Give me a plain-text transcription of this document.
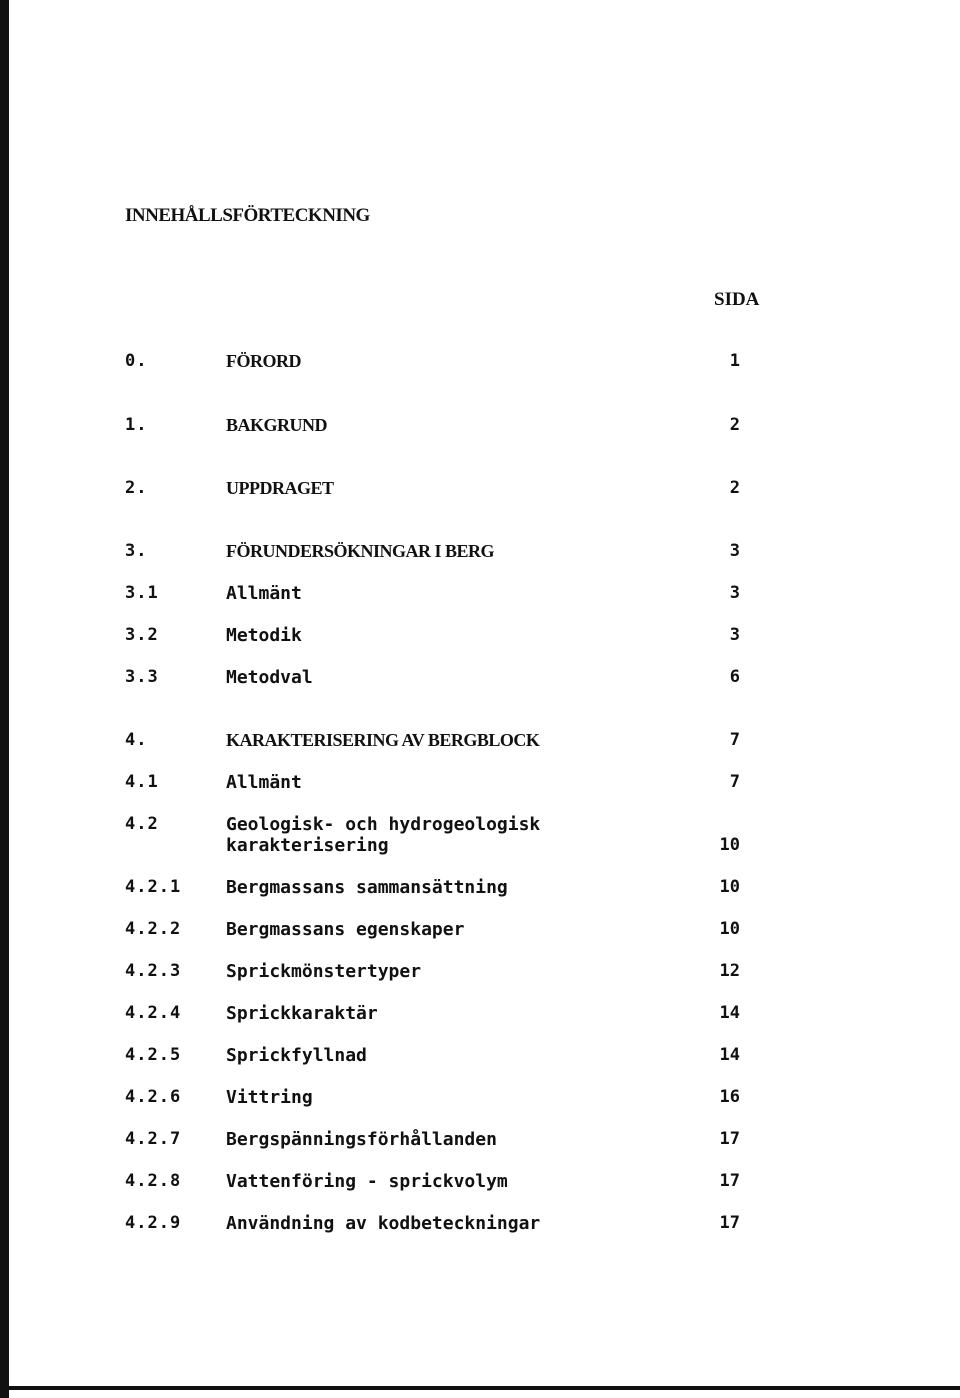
INNEHÅLLSFÖRTECKNING
SIDA
0.	FÖRORD	1
1.	BAKGRUND	2
2.	UPPDRAGET	2
3.	FÖRUNDERSÖKNINGAR I BERG	3
3.1	Allmänt	3
3.2	Metodik	3
3.3	Metodval	6
4.	KARAKTERISERING AV BERGBLOCK	7
4.1	Allmänt	7
4.2	Geologisk- och hydrogeologisk
karakterisering	10
4.2.1 Bergmassans sammansättning	10
4.2.2 Bergmassans egenskaper	10
4.2.3 Sprickmönstertyper	12
4.2.4 Sprickkaraktär	14
4.2.5 Sprickfyllnad	14
4.2.6 Vittring	16
4.2.7 Bergspänningsförhållanden	17
4.2.8 Vattenföring - sprickvolym	17
4.2.9 Användning av kodbeteckningar	17
